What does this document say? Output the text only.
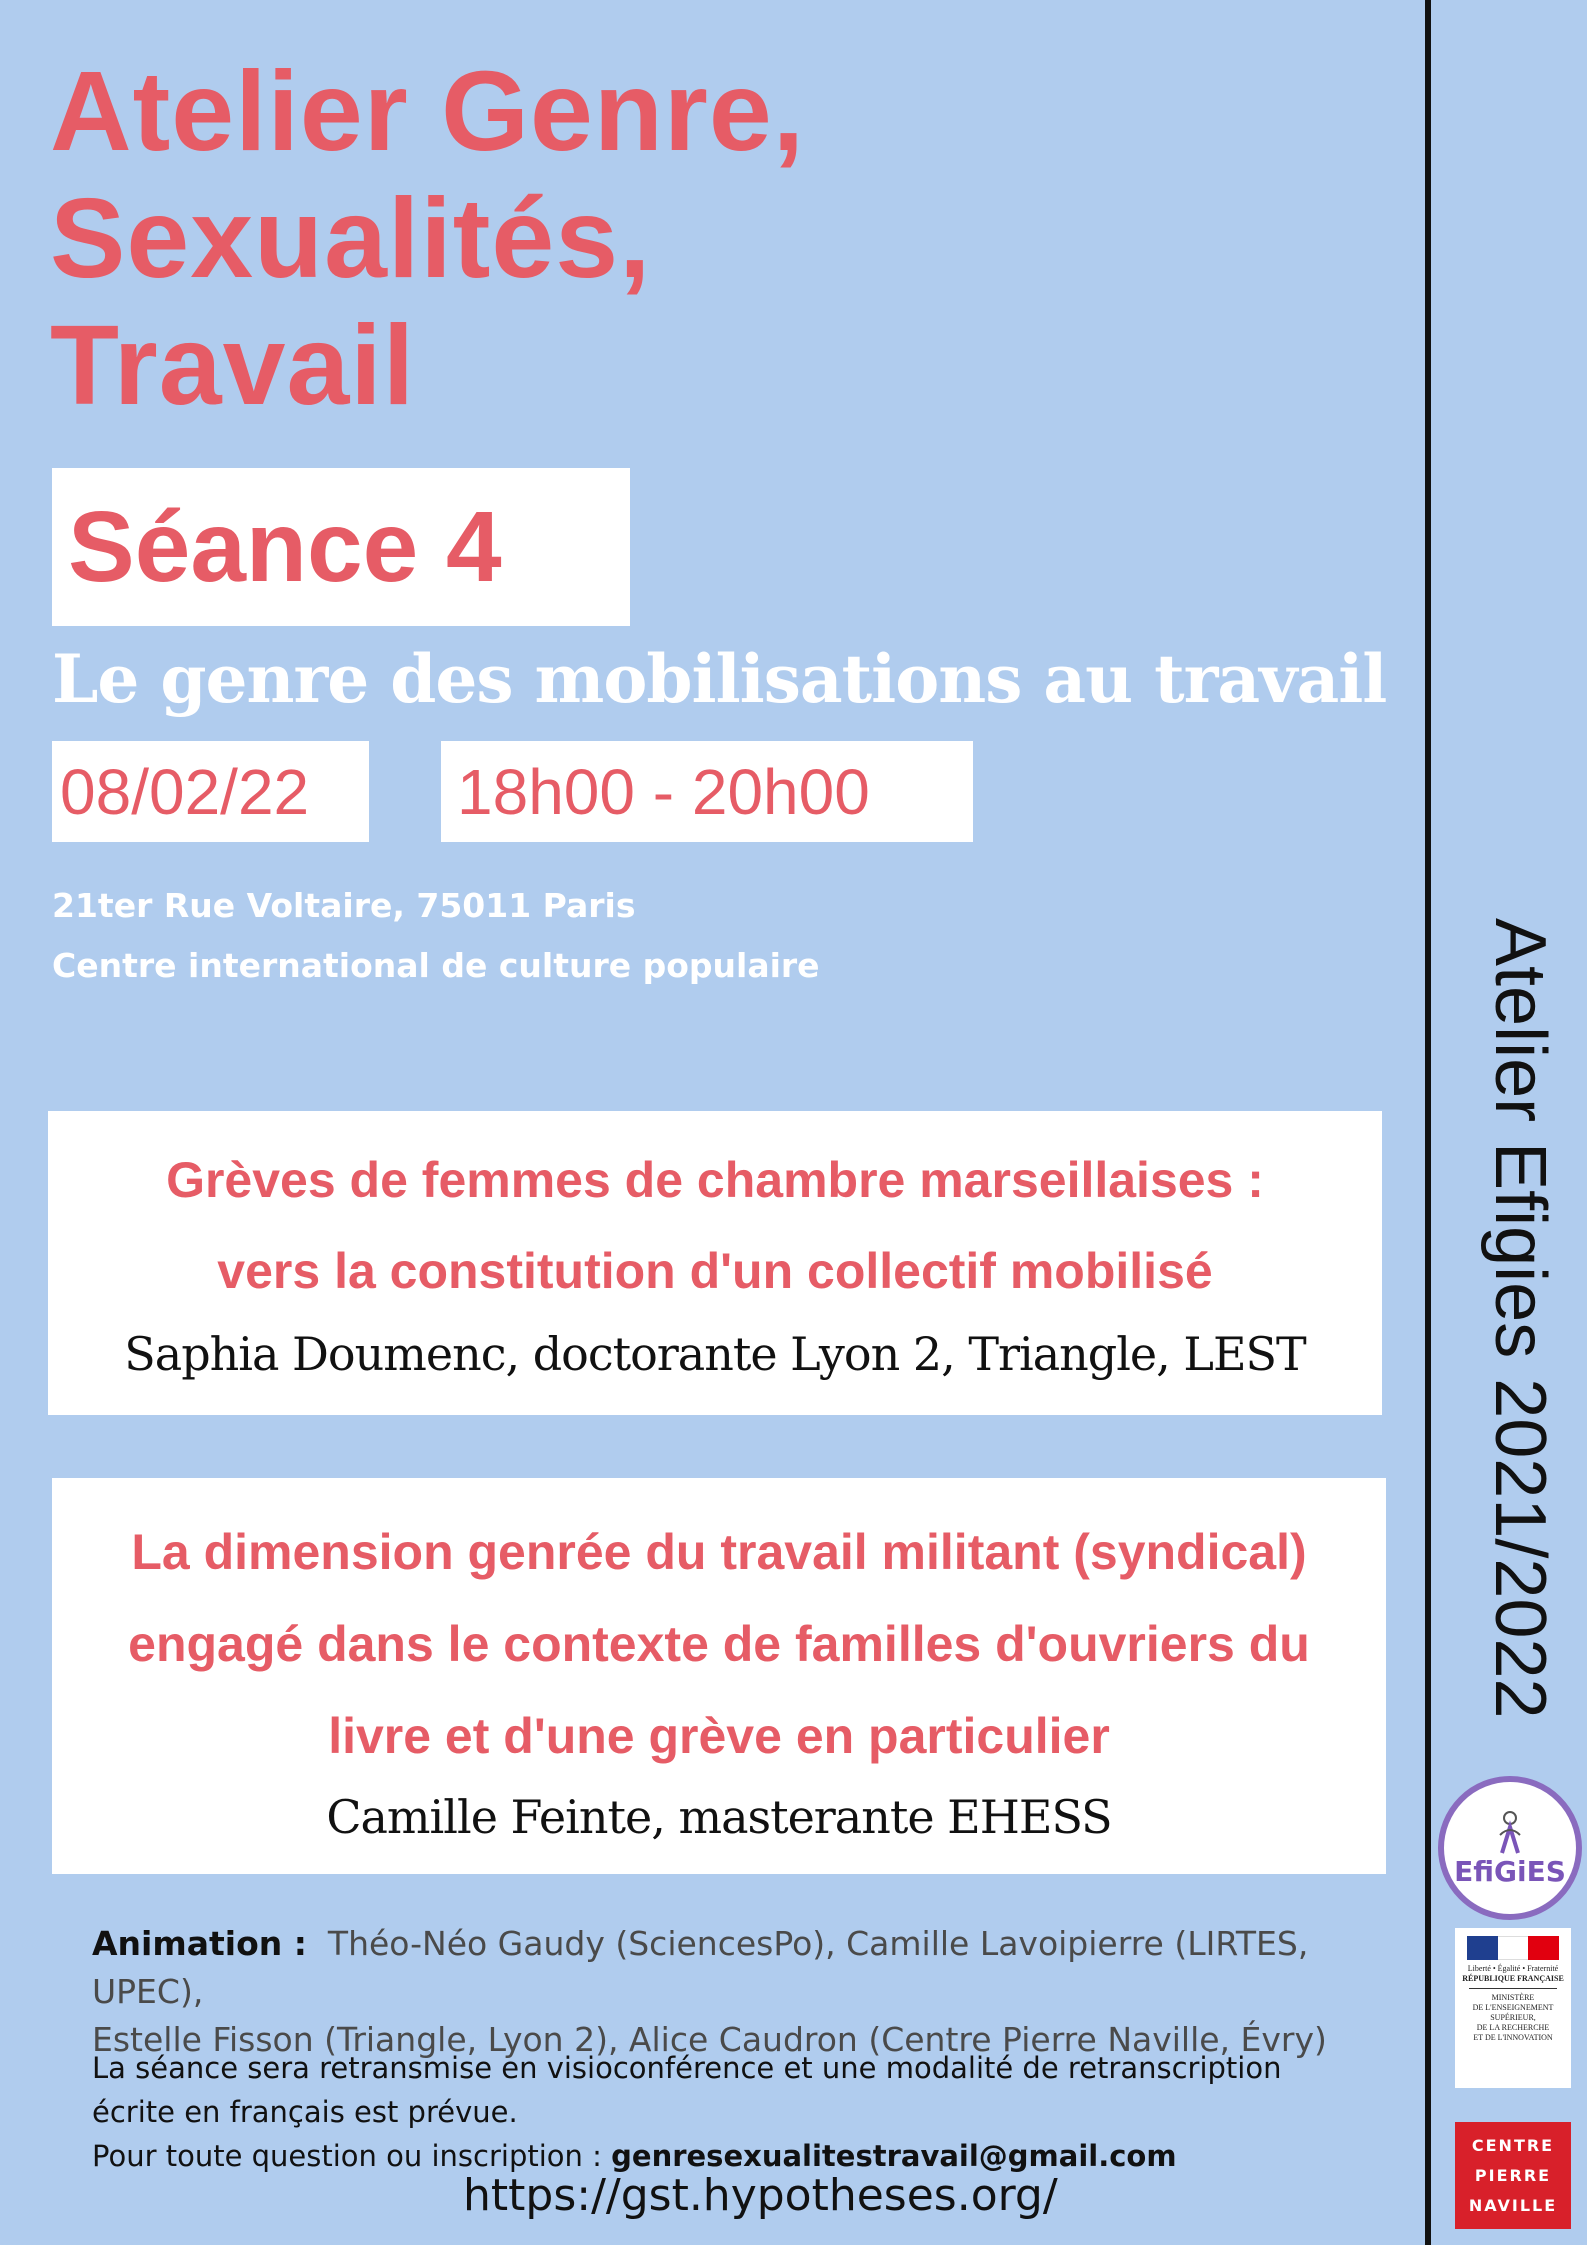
Atelier Genre,
Sexualités,
Travail
Séance 4
Le genre des mobilisations au travail
08/02/22	18h00 - 20h00
21ter Rue Voltaire, 75011 Paris
Centre international de culture populaire
Grèves de femmes de chambre marseillaises :
vers la constitution d'un collectif mobilisé
Saphia Doumenc, doctorante Lyon 2, Triangle, LEST
La dimension genrée du travail militant (syndical)
engagé dans le contexte de familles d'ouvriers du
livre et d'une grève en particulier
Camille Feinte, masterante EHESS
Animation : Théo-Néo Gaudy (SciencesPo), Camille Lavoipierre (LIRTES, UPEC),
Estelle Fisson (Triangle, Lyon 2), Alice Caudron (Centre Pierre Naville, Évry)
La séance sera retransmise en visioconférence et une modalité de retranscription
écrite en français est prévue.
Pour toute question ou inscription : genresexualitestravail@gmail.com
https://gst.hypotheses.org/
Atelier Efigies 2021/2022
EfiGiES
Liberté • Égalité • Fraternité
RÉPUBLIQUE FRANÇAISE
MINISTÈRE
DE L'ENSEIGNEMENT
SUPÉRIEUR,
DE LA RECHERCHE
ET DE L'INNOVATION
CENTRE
PIERRE
NAVILLE
